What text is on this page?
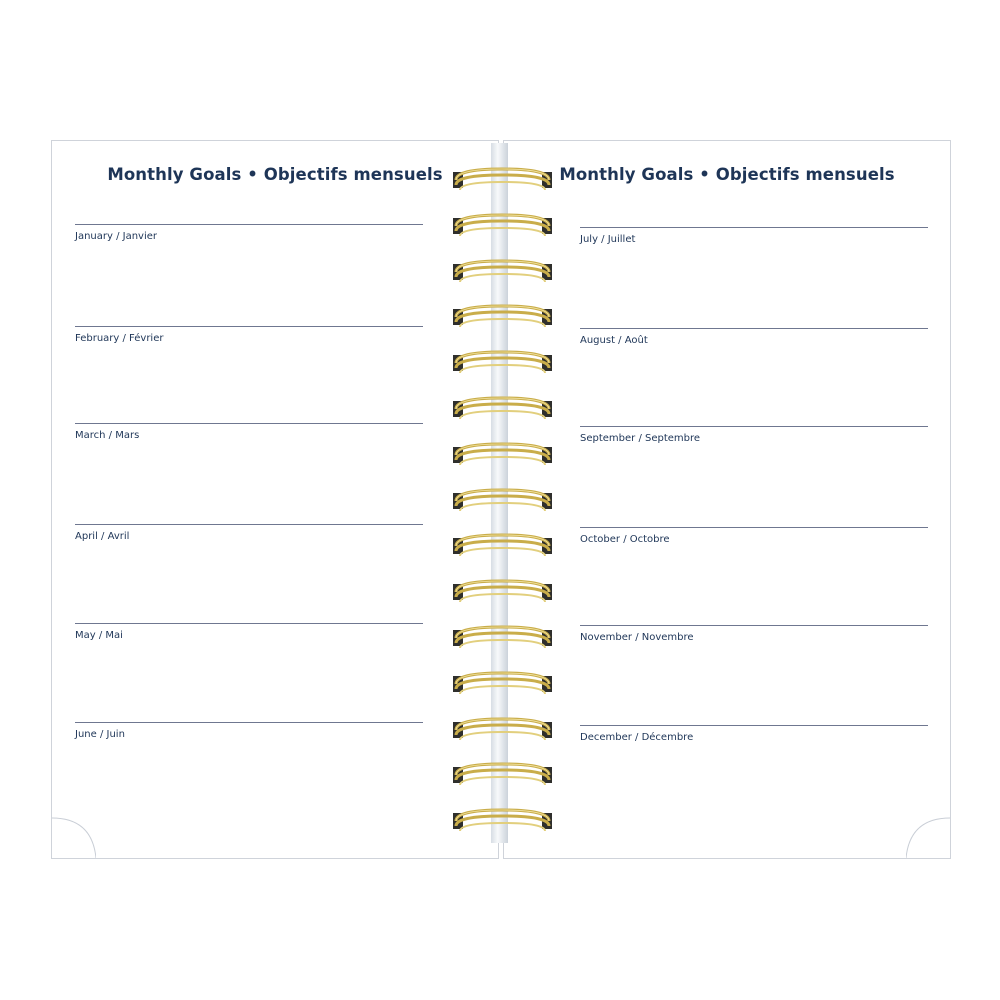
Monthly Goals • Objectifs mensuels
January / Janvier
February / Février
March / Mars
April / Avril
May / Mai
June / Juin
Monthly Goals • Objectifs mensuels
July / Juillet
August / Août
September / Septembre
October / Octobre
November / Novembre
December / Décembre
